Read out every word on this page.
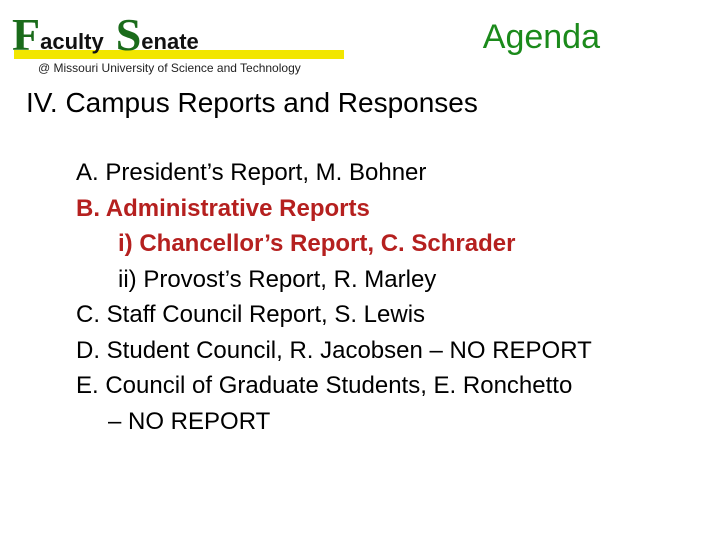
Faculty Senate
@ Missouri University of Science and Technology
Agenda
IV. Campus Reports and Responses
A. President’s Report, M. Bohner
B. Administrative Reports
i) Chancellor’s Report, C. Schrader
ii) Provost’s Report, R. Marley
C. Staff Council Report, S. Lewis
D. Student Council, R. Jacobsen – NO REPORT
E. Council of Graduate Students, E. Ronchetto
– NO REPORT
